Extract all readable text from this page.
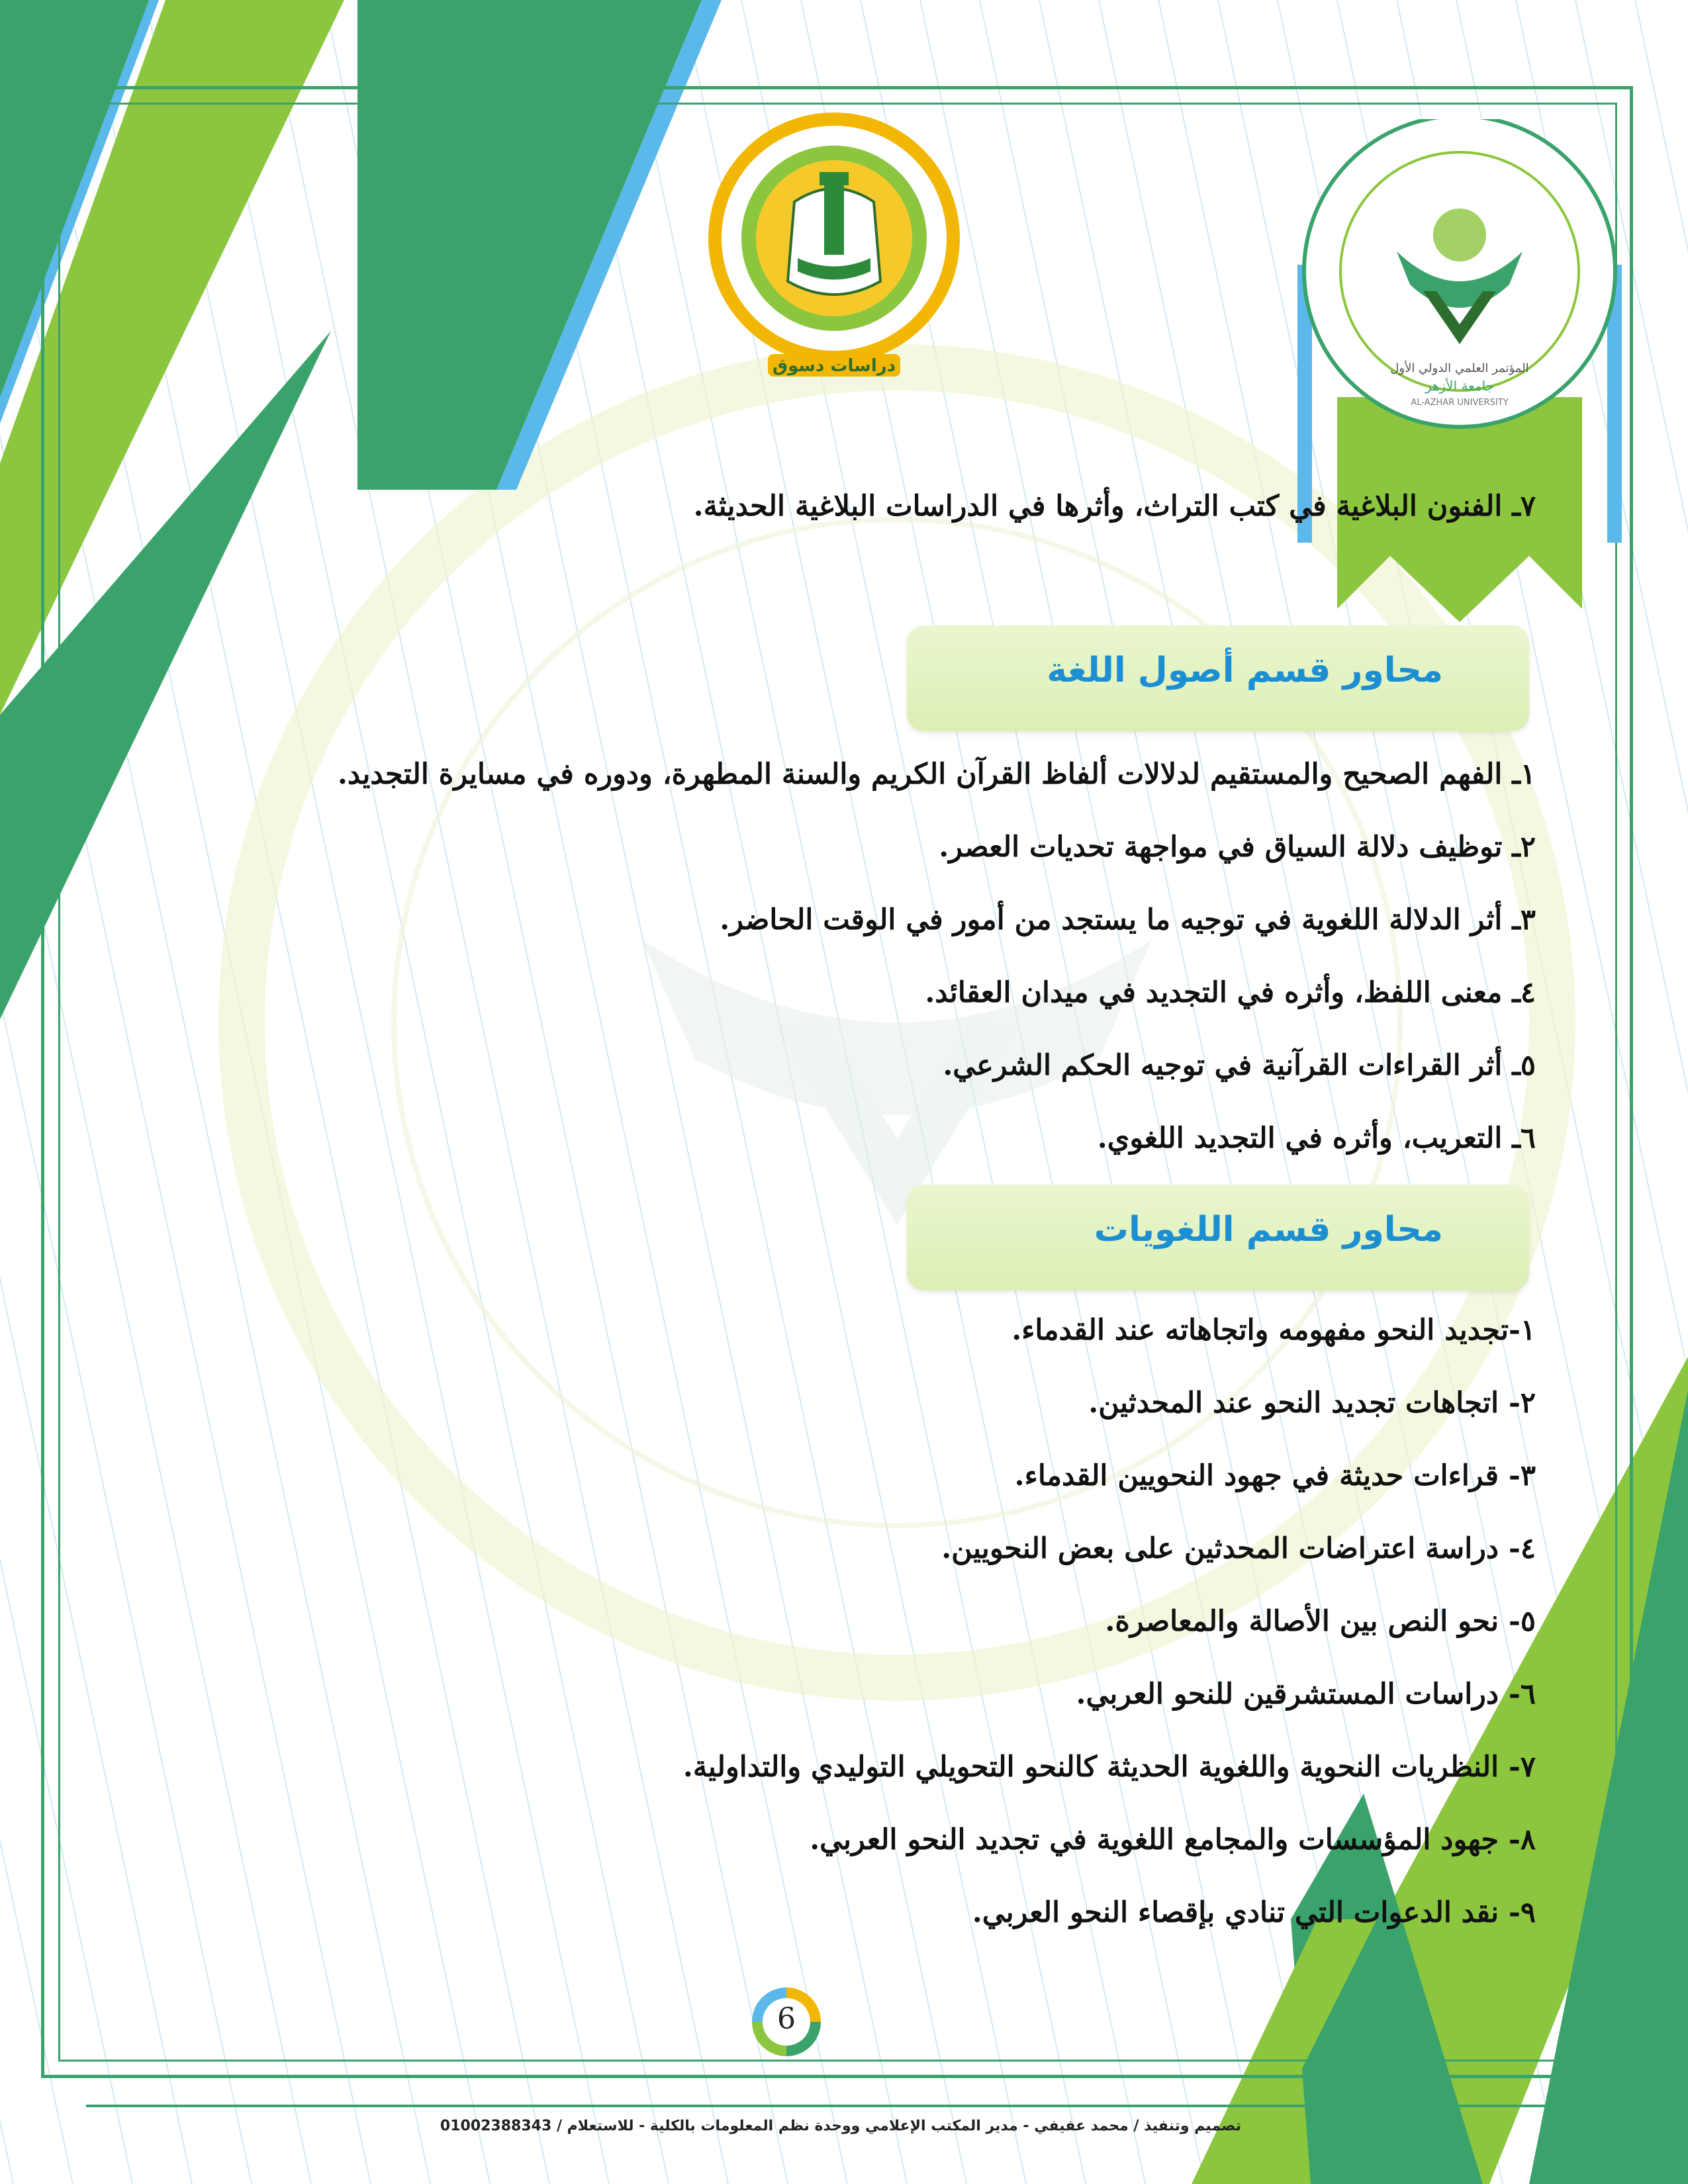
دراسات دسوق	المؤتمر العلمي الدولي الأول
جامعة الأزهر
AL-AZHAR UNIVERSITY
٧ـ الفنون البلاغية في كتب التراث، وأثرها في الدراسات البلاغية الحديثة.
محاور قسم أصول اللغة
١ـ الفهم الصحيح والمستقيم لدلالات ألفاظ القرآن الكريم والسنة المطهرة، ودوره في مسايرة التجديد.
٢ـ توظيف دلالة السياق في مواجهة تحديات العصر.
٣ـ أثر الدلالة اللغوية في توجيه ما يستجد من أمور في الوقت الحاضر.
٤ـ معنى اللفظ، وأثره في التجديد في ميدان العقائد.
٥ـ أثر القراءات القرآنية في توجيه الحكم الشرعي.
٦ـ التعريب، وأثره في التجديد اللغوي.
محاور قسم اللغويات
١-تجديد النحو مفهومه واتجاهاته عند القدماء.
٢- اتجاهات تجديد النحو عند المحدثين.
٣- قراءات حديثة في جهود النحويين القدماء.
٤- دراسة اعتراضات المحدثين على بعض النحويين.
٥- نحو النص بين الأصالة والمعاصرة.
٦- دراسات المستشرقين للنحو العربي.
٧- النظريات النحوية واللغوية الحديثة كالنحو التحويلي التوليدي والتداولية.
٨- جهود المؤسسات والمجامع اللغوية في تجديد النحو العربي.
٩- نقد الدعوات التي تنادي بإقصاء النحو العربي.
6
تصميم وتنفيذ / محمد عفيفي - مدير المكتب الإعلامي ووحدة نظم المعلومات بالكلية - للاستعلام / 01002388343
